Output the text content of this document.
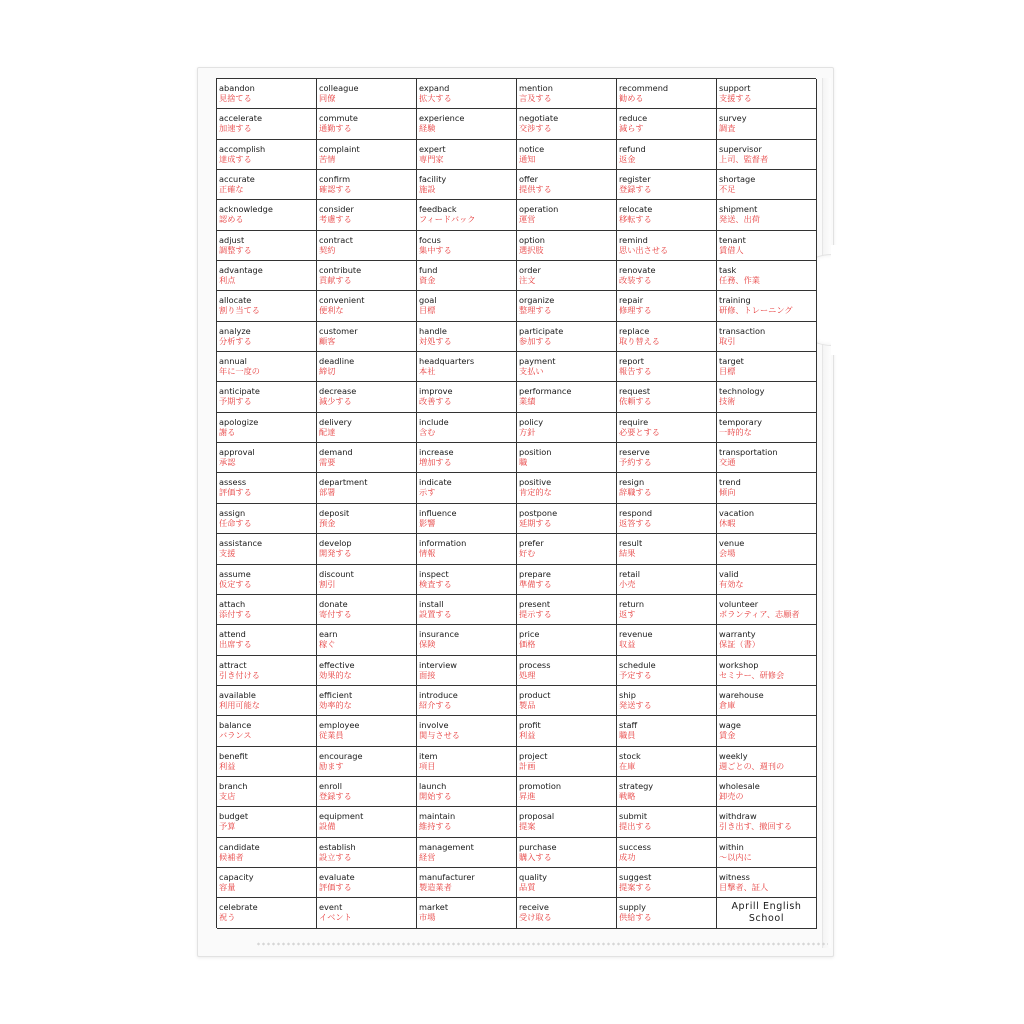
abandon
見捨てる
colleague
同僚
expand
拡大する
mention
言及する
recommend
勧める
support
支援する
accelerate
加速する
commute
通勤する
experience
経験
negotiate
交渉する
reduce
減らす
survey
調査
accomplish
達成する
complaint
苦情
expert
専門家
notice
通知
refund
返金
supervisor
上司、監督者
accurate
正確な
confirm
確認する
facility
施設
offer
提供する
register
登録する
shortage
不足
acknowledge
認める
consider
考慮する
feedback
フィードバック
operation
運営
relocate
移転する
shipment
発送、出荷
adjust
調整する
contract
契約
focus
集中する
option
選択肢
remind
思い出させる
tenant
賃借人
advantage
利点
contribute
貢献する
fund
資金
order
注文
renovate
改装する
task
任務、作業
allocate
割り当てる
convenient
便利な
goal
目標
organize
整理する
repair
修理する
training
研修、トレーニング
analyze
分析する
customer
顧客
handle
対処する
participate
参加する
replace
取り替える
transaction
取引
annual
年に一度の
deadline
締切
headquarters
本社
payment
支払い
report
報告する
target
目標
anticipate
予期する
decrease
減少する
improve
改善する
performance
業績
request
依頼する
technology
技術
apologize
謝る
delivery
配達
include
含む
policy
方針
require
必要とする
temporary
一時的な
approval
承認
demand
需要
increase
増加する
position
職
reserve
予約する
transportation
交通
assess
評価する
department
部署
indicate
示す
positive
肯定的な
resign
辞職する
trend
傾向
assign
任命する
deposit
預金
influence
影響
postpone
延期する
respond
返答する
vacation
休暇
assistance
支援
develop
開発する
information
情報
prefer
好む
result
結果
venue
会場
assume
仮定する
discount
割引
inspect
検査する
prepare
準備する
retail
小売
valid
有効な
attach
添付する
donate
寄付する
install
設置する
present
提示する
return
返す
volunteer
ボランティア、志願者
attend
出席する
earn
稼ぐ
insurance
保険
price
価格
revenue
収益
warranty
保証（書）
attract
引き付ける
effective
効果的な
interview
面接
process
処理
schedule
予定する
workshop
セミナー、研修会
available
利用可能な
efficient
効率的な
introduce
紹介する
product
製品
ship
発送する
warehouse
倉庫
balance
バランス
employee
従業員
involve
関与させる
profit
利益
staff
職員
wage
賃金
benefit
利益
encourage
励ます
item
項目
project
計画
stock
在庫
weekly
週ごとの、週刊の
branch
支店
enroll
登録する
launch
開始する
promotion
昇進
strategy
戦略
wholesale
卸売の
budget
予算
equipment
設備
maintain
維持する
proposal
提案
submit
提出する
withdraw
引き出す、撤回する
candidate
候補者
establish
設立する
management
経営
purchase
購入する
success
成功
within
〜以内に
capacity
容量
evaluate
評価する
manufacturer
製造業者
quality
品質
suggest
提案する
witness
目撃者、証人
celebrate
祝う
event
イベント
market
市場
receive
受け取る
supply
供給する
Aprill English School
